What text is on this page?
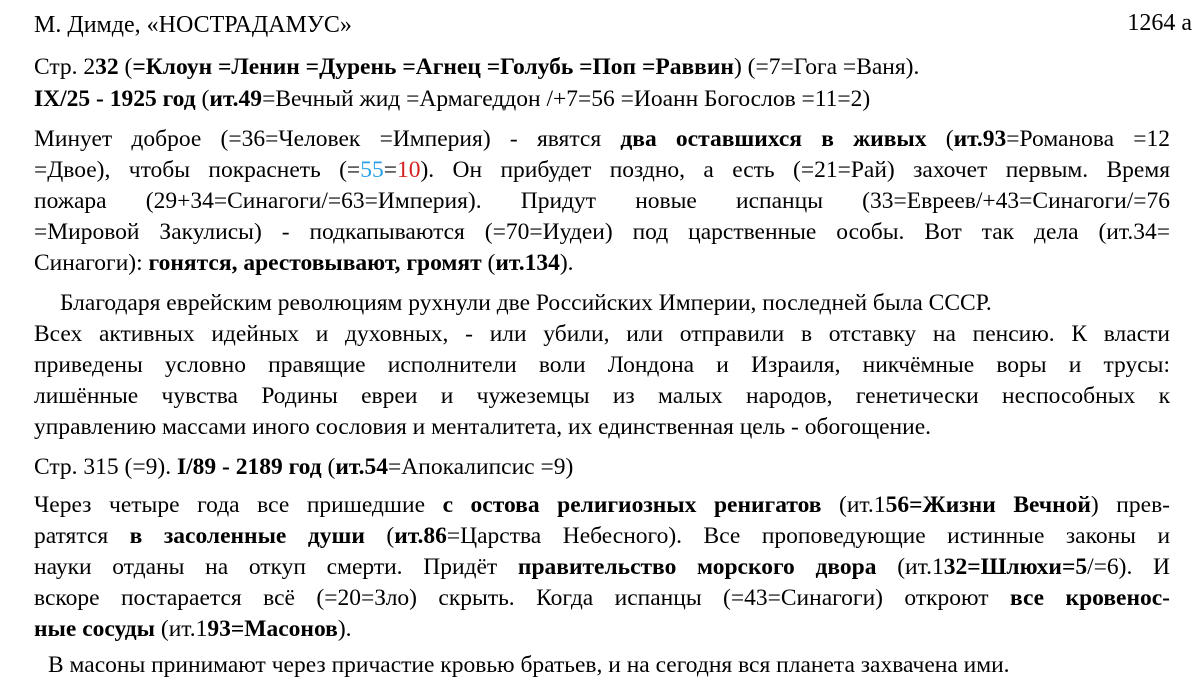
М. Димде, «НОСТРАДАМУС»	1264 а
Стр. 232 (=Клоун =Ленин =Дурень =Агнец =Голубь =Поп =Раввин) (=7=Гога =Ваня).
IX/25 - 1925 год (ит.49=Вечный жид =Армагеддон /+7=56 =Иоанн Богослов =11=2)
Минует доброе (=36=Человек =Империя) - явятся два оставшихся в живых (ит.93=Романова =12
=Двое), чтобы покраснеть (=55=10). Он прибудет поздно, а есть (=21=Рай) захочет первым. Время
пожара (29+34=Синагоги/=63=Империя). Придут новые испанцы (33=Евреев/+43=Синагоги/=76
=Мировой Закулисы) - подкапываются (=70=Иудеи) под царственные особы. Вот так дела (ит.34=
Синагоги): гонятся, арестовывают, громят (ит.134).
Благодаря еврейским революциям рухнули две Российских Империи, последней была СССР.
Всех активных идейных и духовных, - или убили, или отправили в отставку на пенсию. К власти
приведены условно правящие исполнители воли Лондона и Израиля, никчёмные воры и трусы:
лишённые чувства Родины евреи и чужеземцы из малых народов, генетически неспособных к
управлению массами иного сословия и менталитета, их единственная цель - обогощение.
Стр. 315 (=9). I/89 - 2189 год (ит.54=Апокалипсис =9)
Через четыре года все пришедшие с остова религиозных ренигатов (ит.156=Жизни Вечной) прев-
ратятся в засоленные души (ит.86=Царства Небесного). Все проповедующие истинные законы и
науки отданы на откуп смерти. Придёт правительство морского двора (ит.132=Шлюхи=5/=6). И
вскоре постарается всё (=20=Зло) скрыть. Когда испанцы (=43=Синагоги) откроют все кровенос-
ные сосуды (ит.193=Масонов).
В масоны принимают через причастие кровью братьев, и на сегодня вся планета захвачена ими.
